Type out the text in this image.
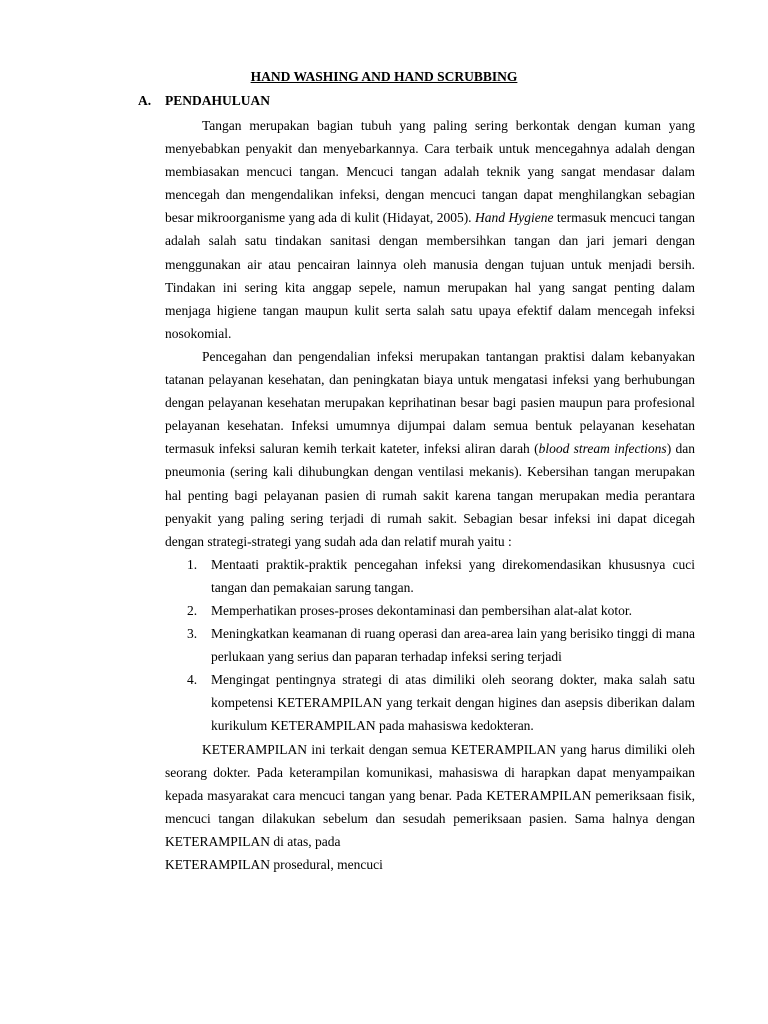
HAND WASHING AND HAND SCRUBBING
A. PENDAHULUAN

Tangan merupakan bagian tubuh yang paling sering berkontak dengan kuman yang menyebabkan penyakit dan menyebarkannya. Cara terbaik untuk mencegahnya adalah dengan membiasakan mencuci tangan. Mencuci tangan adalah teknik yang sangat mendasar dalam mencegah dan mengendalikan infeksi, dengan mencuci tangan dapat menghilangkan sebagian besar mikroorganisme yang ada di kulit (Hidayat, 2005). Hand Hygiene termasuk mencuci tangan adalah salah satu tindakan sanitasi dengan membersihkan tangan dan jari jemari dengan menggunakan air atau pencairan lainnya oleh manusia dengan tujuan untuk menjadi bersih. Tindakan ini sering kita anggap sepele, namun merupakan hal yang sangat penting dalam menjaga higiene tangan maupun kulit serta salah satu upaya efektif dalam mencegah infeksi nosokomial.

Pencegahan dan pengendalian infeksi merupakan tantangan praktisi dalam kebanyakan tatanan pelayanan kesehatan, dan peningkatan biaya untuk mengatasi infeksi yang berhubungan dengan pelayanan kesehatan merupakan keprihatinan besar bagi pasien maupun para profesional pelayanan kesehatan. Infeksi umumnya dijumpai dalam semua bentuk pelayanan kesehatan termasuk infeksi saluran kemih terkait kateter, infeksi aliran darah (blood stream infections) dan pneumonia (sering kali dihubungkan dengan ventilasi mekanis). Kebersihan tangan merupakan hal penting bagi pelayanan pasien di rumah sakit karena tangan merupakan media perantara penyakit yang paling sering terjadi di rumah sakit. Sebagian besar infeksi ini dapat dicegah dengan strategi-strategi yang sudah ada dan relatif murah yaitu :

1. Mentaati praktik-praktik pencegahan infeksi yang direkomendasikan khususnya cuci tangan dan pemakaian sarung tangan.
2. Memperhatikan proses-proses dekontaminasi dan pembersihan alat-alat kotor.
3. Meningkatkan keamanan di ruang operasi dan area-area lain yang berisiko tinggi di mana perlukaan yang serius dan paparan terhadap infeksi sering terjadi
4. Mengingat pentingnya strategi di atas dimiliki oleh seorang dokter, maka salah satu kompetensi KETERAMPILAN yang terkait dengan higines dan asepsis diberikan dalam kurikulum KETERAMPILAN pada mahasiswa kedokteran.

KETERAMPILAN ini terkait dengan semua KETERAMPILAN yang harus dimiliki oleh seorang dokter. Pada keterampilan komunikasi, mahasiswa di harapkan dapat menyampaikan kepada masyarakat cara mencuci tangan yang benar. Pada KETERAMPILAN pemeriksaan fisik, mencuci tangan dilakukan sebelum dan sesudah pemeriksaan pasien. Sama halnya dengan KETERAMPILAN di atas, pada

KETERAMPILAN prosedural, mencuci
